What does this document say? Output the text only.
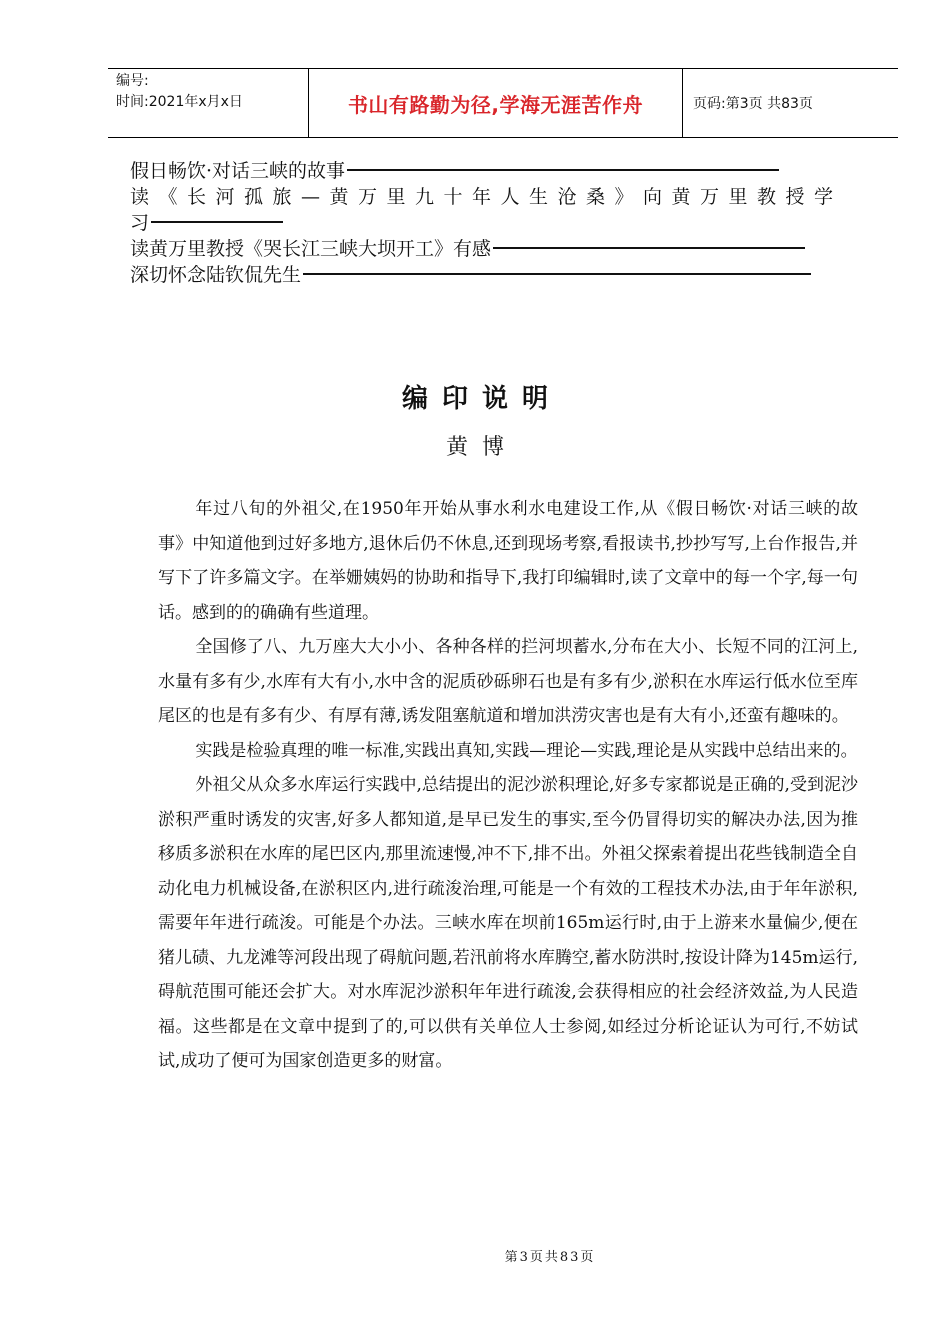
编号:
时间:2021年x月x日	书山有路勤为径,学海无涯苦作舟	页码:第3页 共83页
假日畅饮·对话三峡的故事
读《长河孤旅—黄万里九十年人生沧桑》向黄万里教授学
习
读黄万里教授《哭长江三峡大坝开工》有感
深切怀念陆钦侃先生
编印说明
黄博

年过八旬的外祖父,在1950年开始从事水利水电建设工作,从《假日畅饮·对话三峡的故事》中知道他到过好多地方,退休后仍不休息,还到现场考察,看报读书,抄抄写写,上台作报告,并写下了许多篇文字。在举姗姨妈的协助和指导下,我打印编辑时,读了文章中的每一个字,每一句话。感到的的确确有些道理。

全国修了八、九万座大大小小、各种各样的拦河坝蓄水,分布在大小、长短不同的江河上,水量有多有少,水库有大有小,水中含的泥质砂砾卵石也是有多有少,淤积在水库运行低水位至库尾区的也是有多有少、有厚有薄,诱发阻塞航道和增加洪涝灾害也是有大有小,还蛮有趣味的。

实践是检验真理的唯一标准,实践出真知,实践—理论—实践,理论是从实践中总结出来的。

外祖父从众多水库运行实践中,总结提出的泥沙淤积理论,好多专家都说是正确的,受到泥沙淤积严重时诱发的灾害,好多人都知道,是早已发生的事实,至今仍冒得切实的解决办法,因为推移质多淤积在水库的尾巴区内,那里流速慢,冲不下,排不出。外祖父探索着提出花些钱制造全自动化电力机械设备,在淤积区内,进行疏浚治理,可能是一个有效的工程技术办法,由于年年淤积,需要年年进行疏浚。可能是个办法。三峡水库在坝前165m运行时,由于上游来水量偏少,便在猪儿碛、九龙滩等河段出现了碍航问题,若汛前将水库腾空,蓄水防洪时,按设计降为145m运行,碍航范围可能还会扩大。对水库泥沙淤积年年进行疏浚,会获得相应的社会经济效益,为人民造福。这些都是在文章中提到了的,可以供有关单位人士参阅,如经过分析论证认为可行,不妨试试,成功了便可为国家创造更多的财富。

第3页共83页
